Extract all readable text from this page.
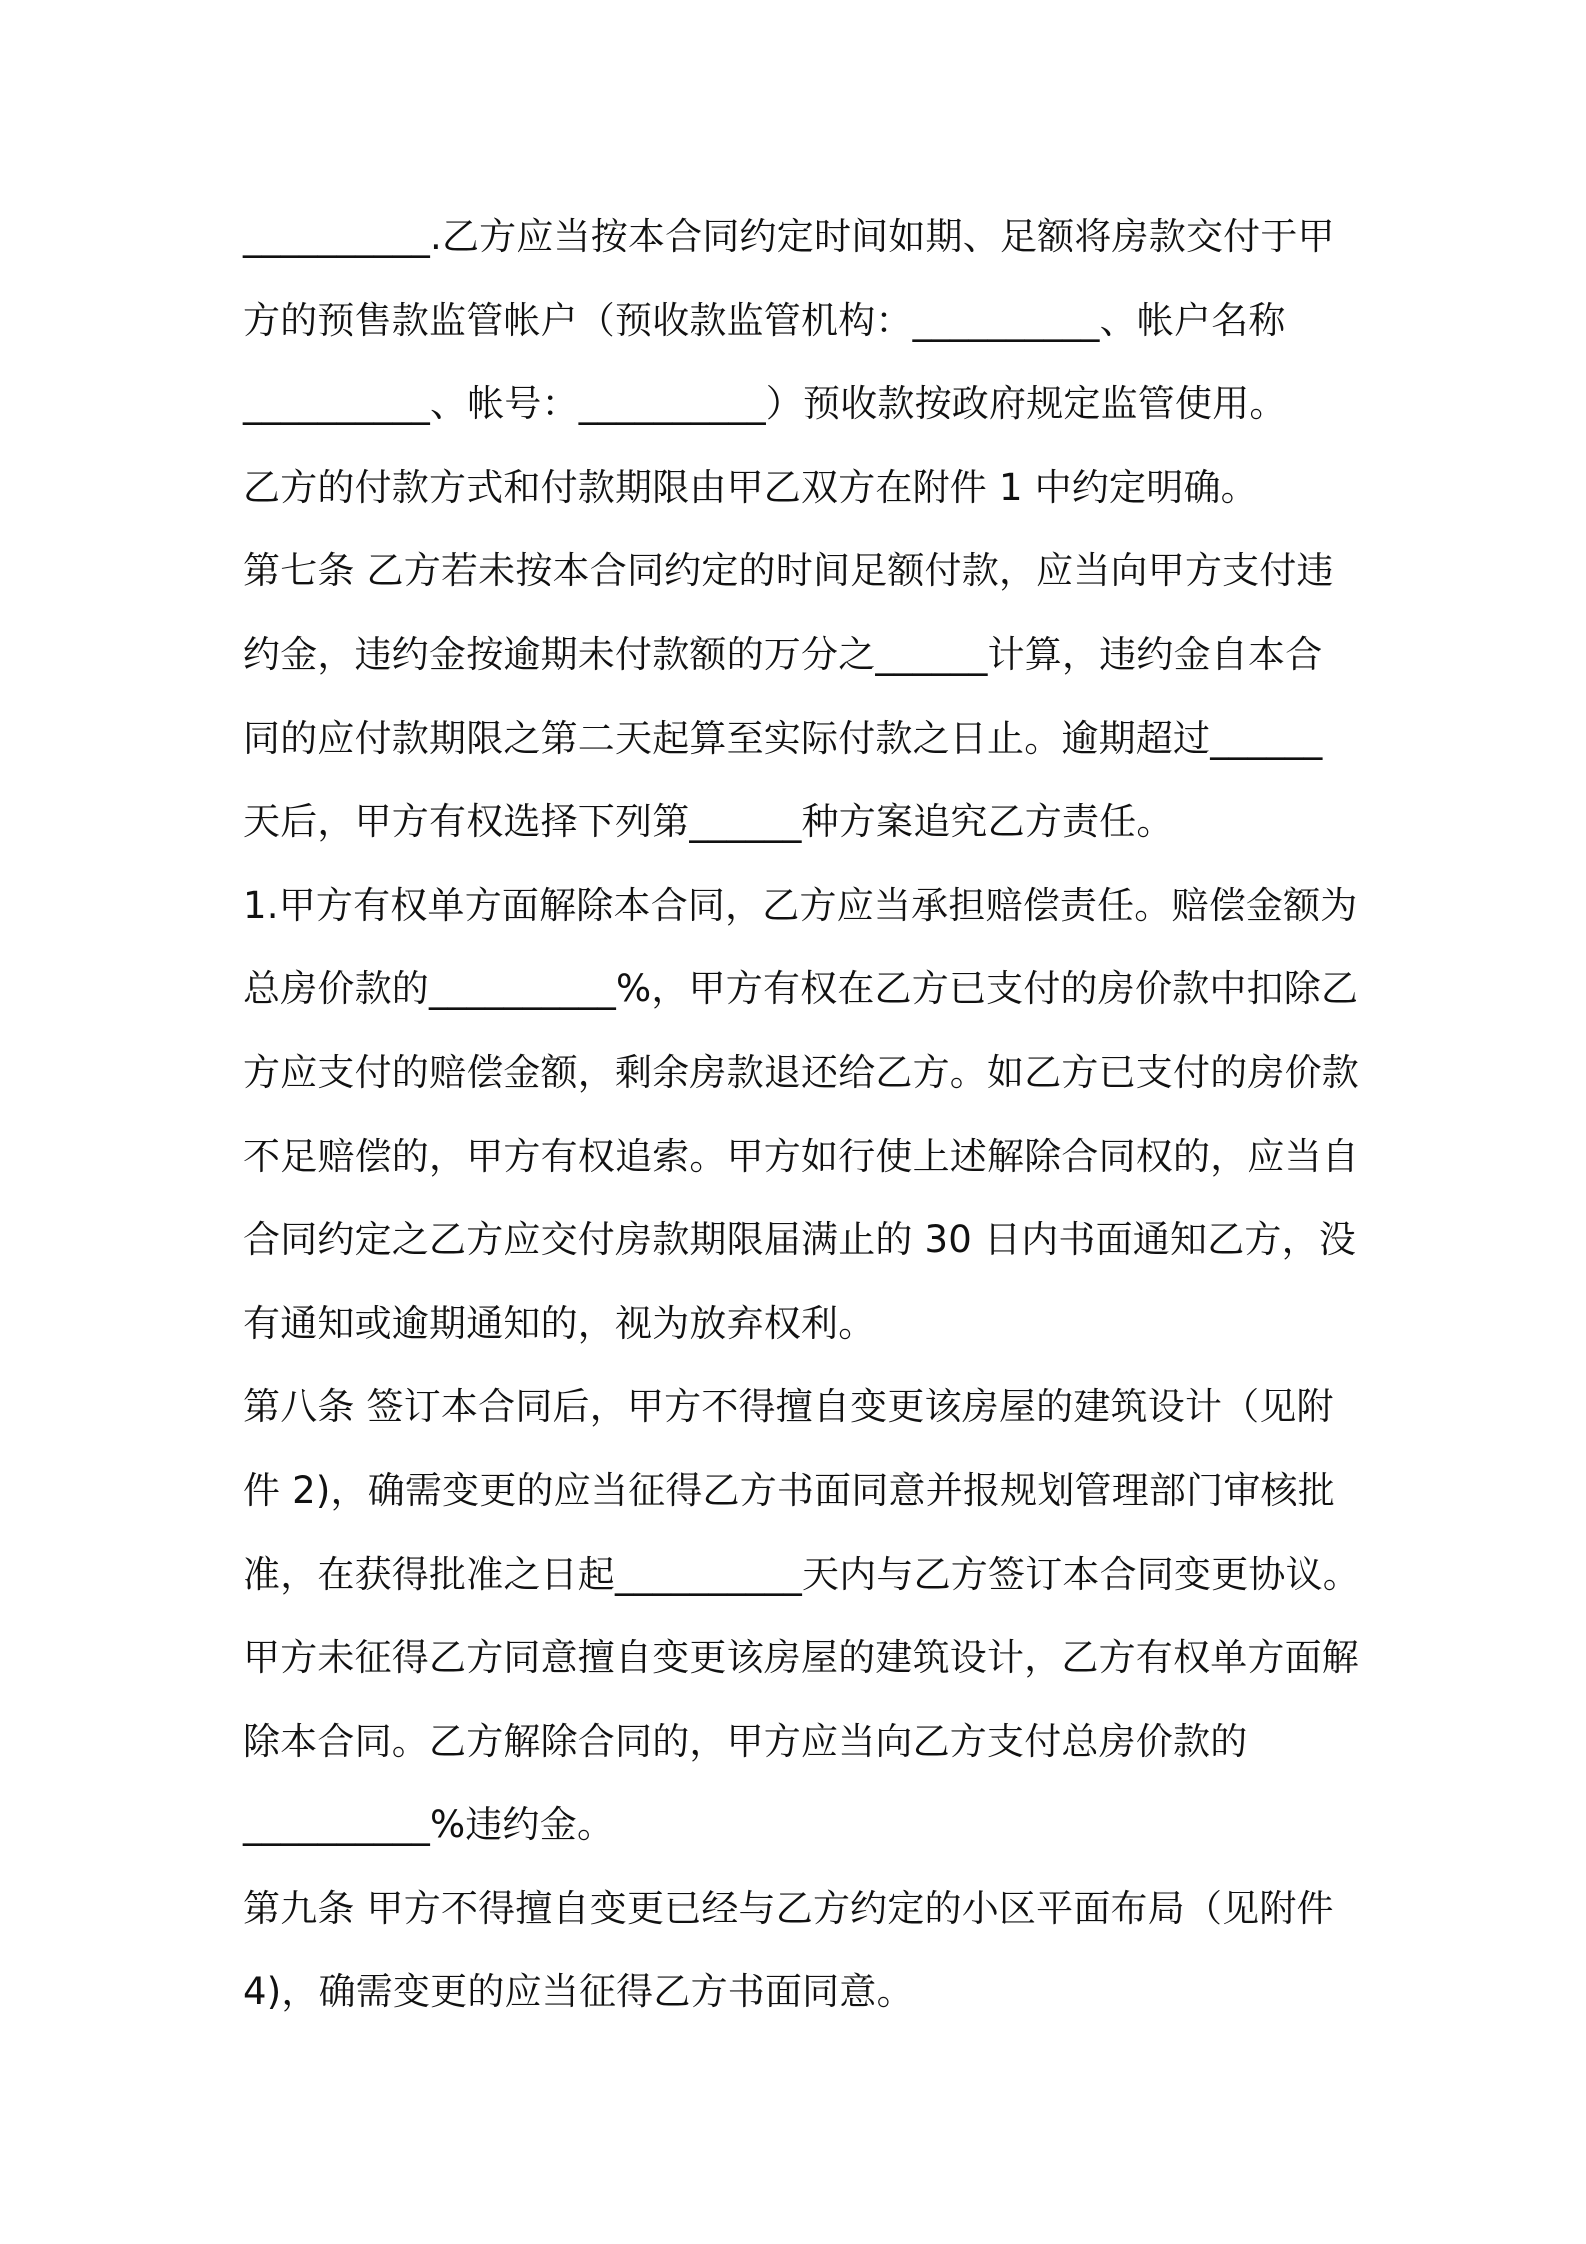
__________.乙方应当按本合同约定时间如期、足额将房款交付于甲
方的预售款监管帐户（预收款监管机构：__________、帐户名称
__________、帐号：__________）预收款按政府规定监管使用。
乙方的付款方式和付款期限由甲乙双方在附件 1 中约定明确。
第七条 乙方若未按本合同约定的时间足额付款，应当向甲方支付违
约金，违约金按逾期未付款额的万分之______计算，违约金自本合
同的应付款期限之第二天起算至实际付款之日止。逾期超过______
天后，甲方有权选择下列第______种方案追究乙方责任。
1.甲方有权单方面解除本合同，乙方应当承担赔偿责任。赔偿金额为
总房价款的__________%，甲方有权在乙方已支付的房价款中扣除乙
方应支付的赔偿金额，剩余房款退还给乙方。如乙方已支付的房价款
不足赔偿的，甲方有权追索。甲方如行使上述解除合同权的，应当自
合同约定之乙方应交付房款期限届满止的 30 日内书面通知乙方，没
有通知或逾期通知的，视为放弃权利。
第八条 签订本合同后，甲方不得擅自变更该房屋的建筑设计（见附
件 2)，确需变更的应当征得乙方书面同意并报规划管理部门审核批
准，在获得批准之日起__________天内与乙方签订本合同变更协议。
甲方未征得乙方同意擅自变更该房屋的建筑设计，乙方有权单方面解
除本合同。乙方解除合同的，甲方应当向乙方支付总房价款的
__________%违约金。
第九条 甲方不得擅自变更已经与乙方约定的小区平面布局（见附件
4)，确需变更的应当征得乙方书面同意。
